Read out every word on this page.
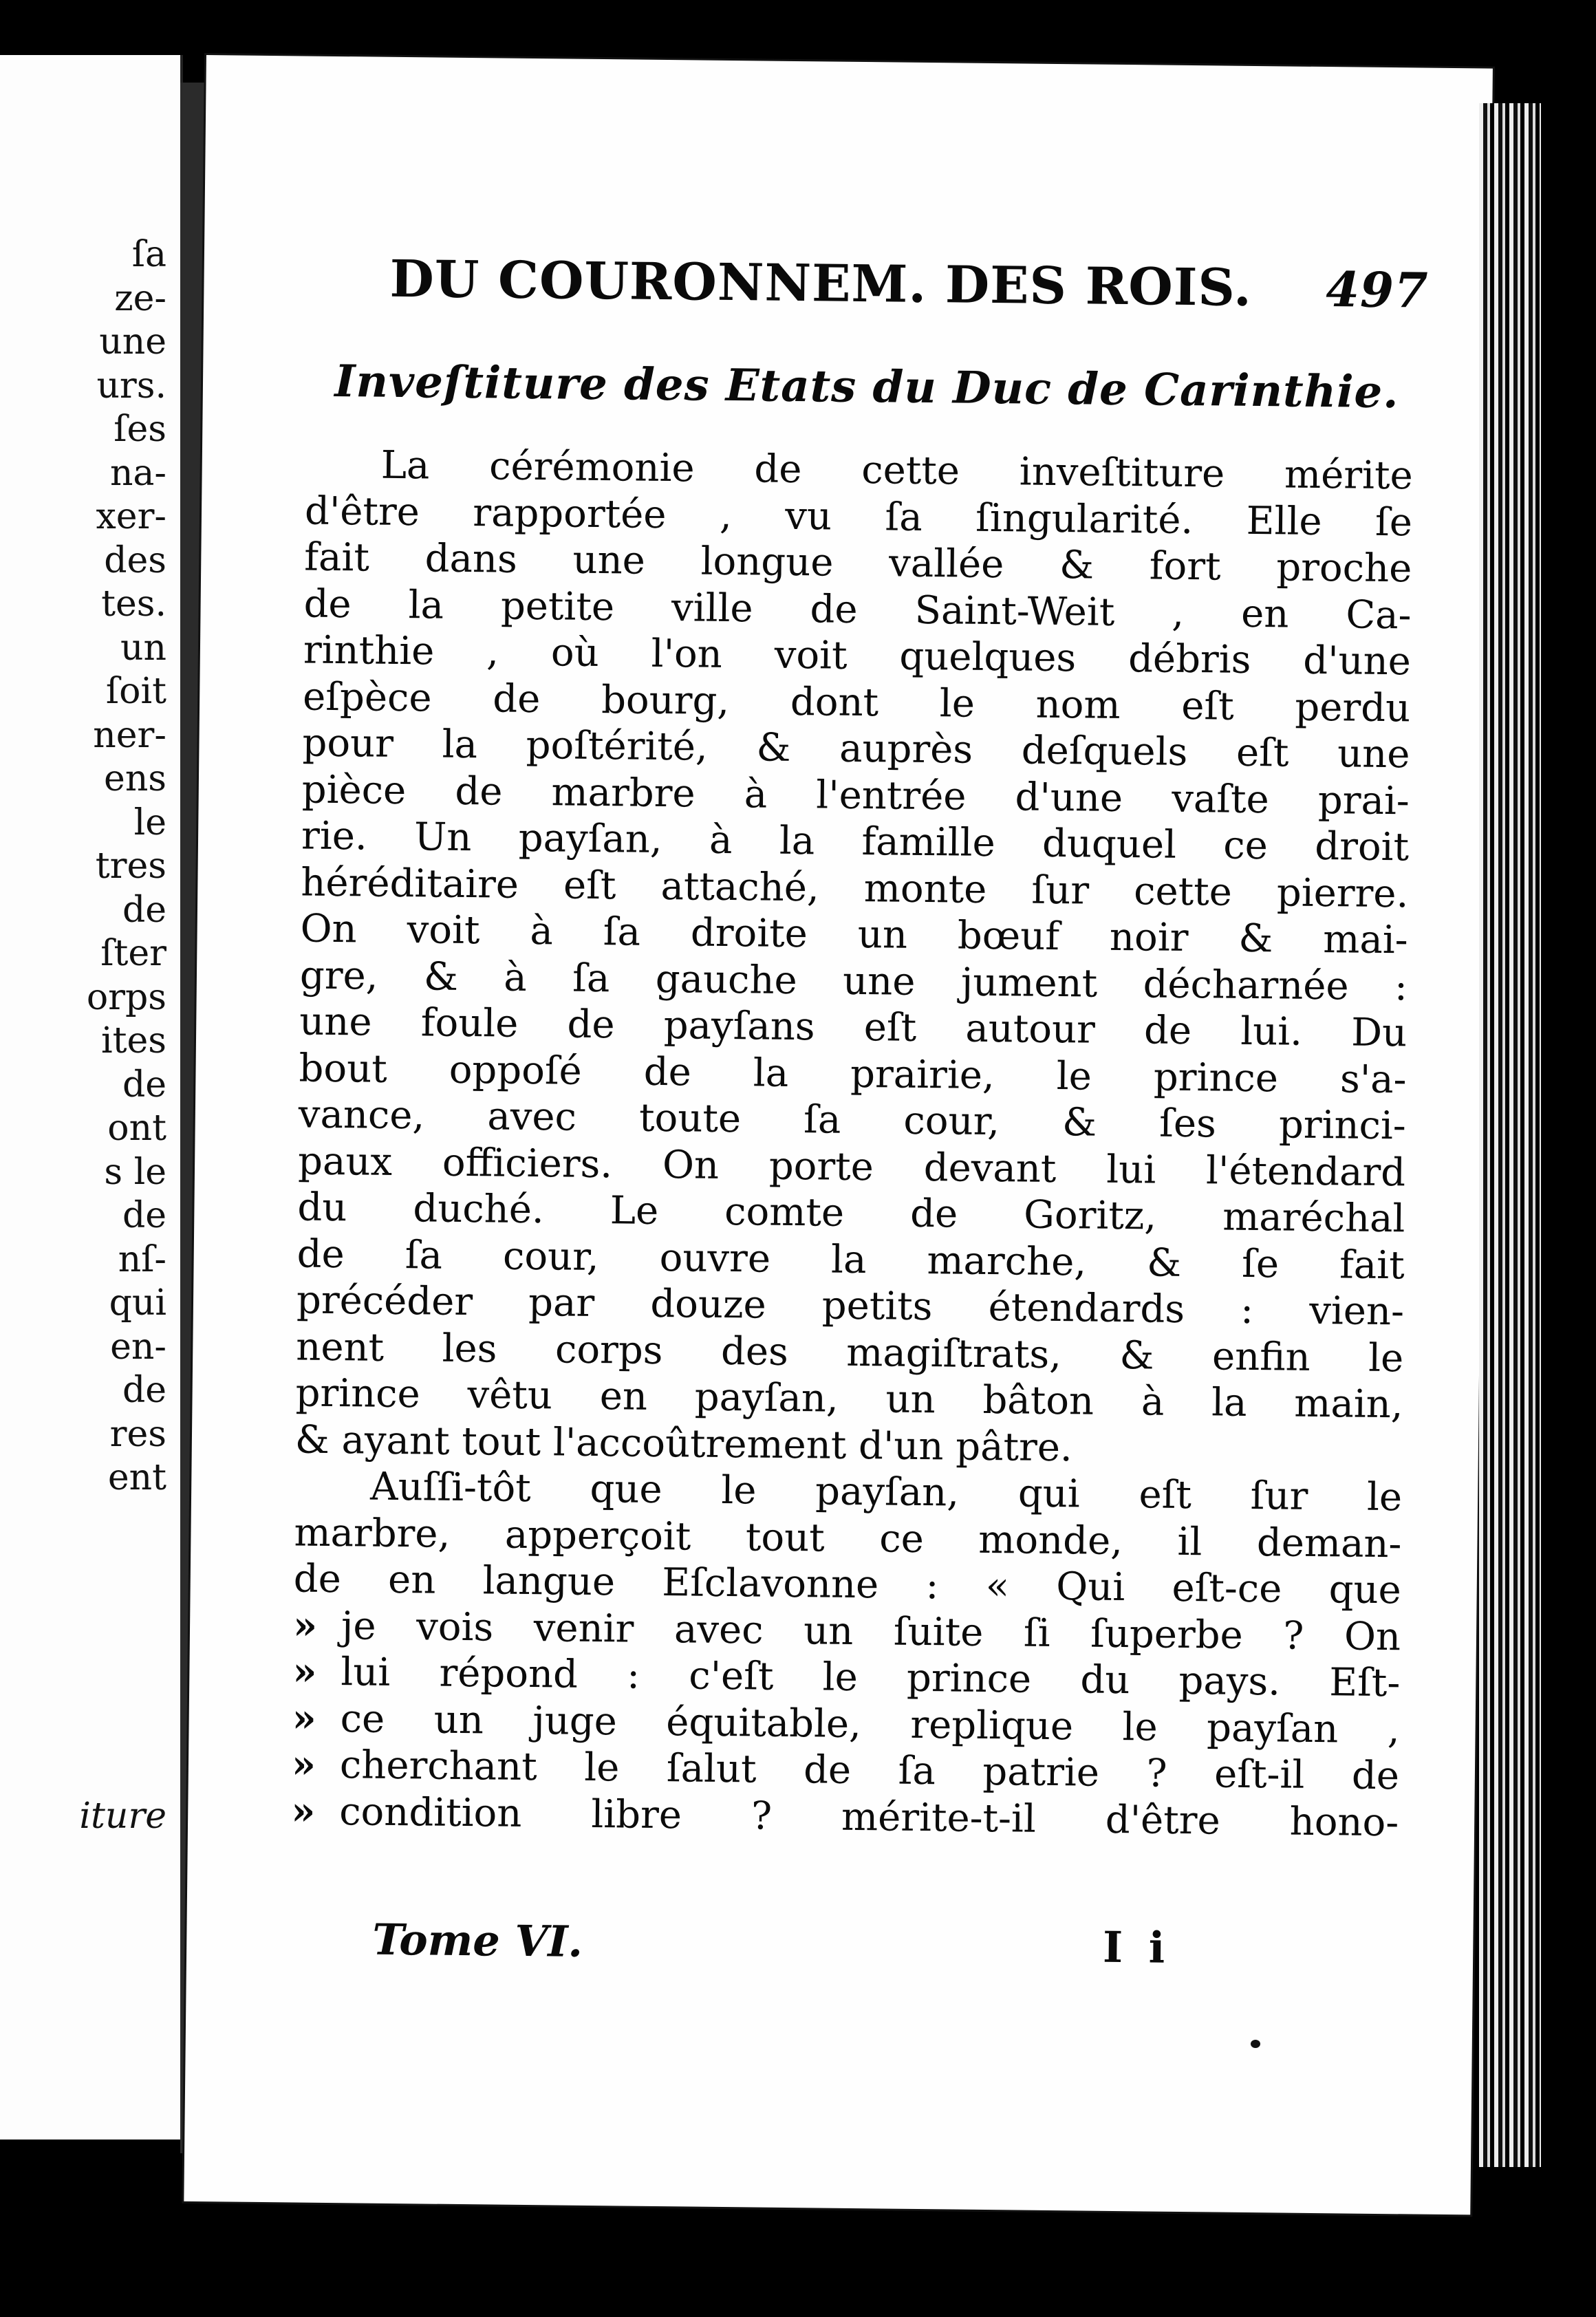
ſa
ze-
une
urs.
ſes
na-
xer-
des
tes.
un
ſoit
ner-
ens
le
tres
de
ſter
orps
ites
de
ont
s le
de
nſ-
qui
en-
de
res
ent
iture
DU COURONNEM. DES ROIS. 497
Inveſtiture des Etats du Duc de Carinthie.
La cérémonie de cette inveſtiture mérite
d'être rapportée , vu ſa ſingularité. Elle ſe
fait dans une longue vallée & fort proche
de la petite ville de Saint-Weit , en Ca-
rinthie , où l'on voit quelques débris d'une
eſpèce de bourg, dont le nom eſt perdu
pour la poſtérité, & auprès deſquels eſt une
pièce de marbre à l'entrée d'une vaſte prai-
rie. Un payſan, à la famille duquel ce droit
héréditaire eſt attaché, monte ſur cette pierre.
On voit à ſa droite un bœuf noir & mai-
gre, & à ſa gauche une jument décharnée :
une foule de payſans eſt autour de lui. Du
bout oppoſé de la prairie, le prince s'a-
vance, avec toute ſa cour, & ſes princi-
paux officiers. On porte devant lui l'étendard
du duché. Le comte de Goritz, maréchal
de ſa cour, ouvre la marche, & ſe fait
précéder par douze petits étendards : vien-
nent les corps des magiſtrats, & enfin le
prince vêtu en payſan, un bâton à la main,
& ayant tout l'accoûtrement d'un pâtre.
Auſſi-tôt que le payſan, qui eſt ſur le
marbre, apperçoit tout ce monde, il deman-
de en langue Eſclavonne : « Qui eſt-ce que
» je vois venir avec un ſuite ſi ſuperbe ? On
» lui répond : c'eſt le prince du pays. Eſt-
» ce un juge équitable, replique le payſan ,
» cherchant le ſalut de ſa patrie ? eſt-il de
» condition libre ? mérite-t-il d'être hono-
Tome VI.	I i
